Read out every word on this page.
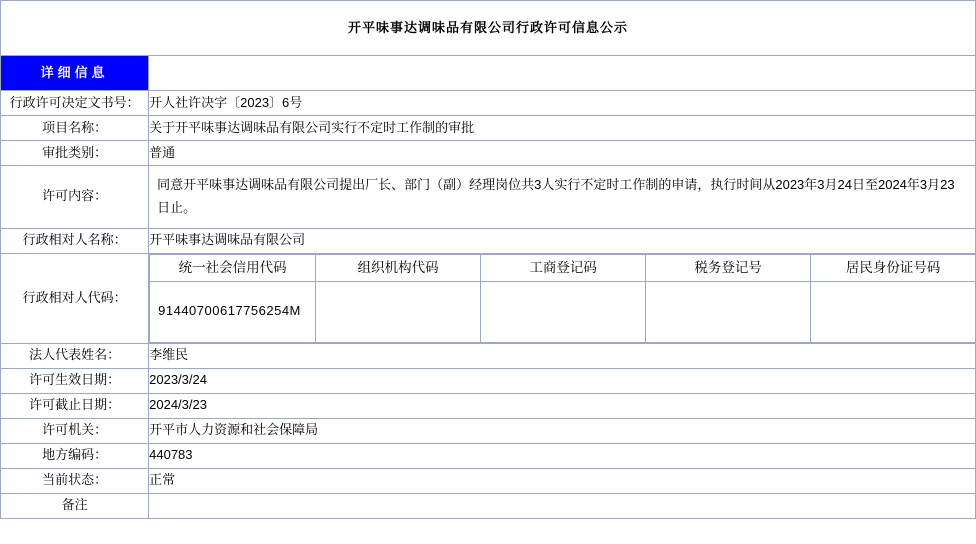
开平味事达调味品有限公司行政许可信息公示
详细信息	
行政许可决定文书号：	开人社许决字〔2023〕6号
项目名称：	关于开平味事达调味品有限公司实行不定时工作制的审批
审批类别：	普通
许可内容：	同意开平味事达调味品有限公司提出厂长、部门（副）经理岗位共3人实行不定时工作制的申请，执行时间从2023年3月24日至2024年3月23日止。
行政相对人名称：	开平味事达调味品有限公司
行政相对人代码：	
统一社会信用代码	组织机构代码	工商登记码	税务登记号	居民身份证号码
91440700617756254M				

法人代表姓名：	李维民
许可生效日期：	2023/3/24
许可截止日期：	2024/3/23
许可机关：	开平市人力资源和社会保障局
地方编码：	440783
当前状态：	正常
备注	
